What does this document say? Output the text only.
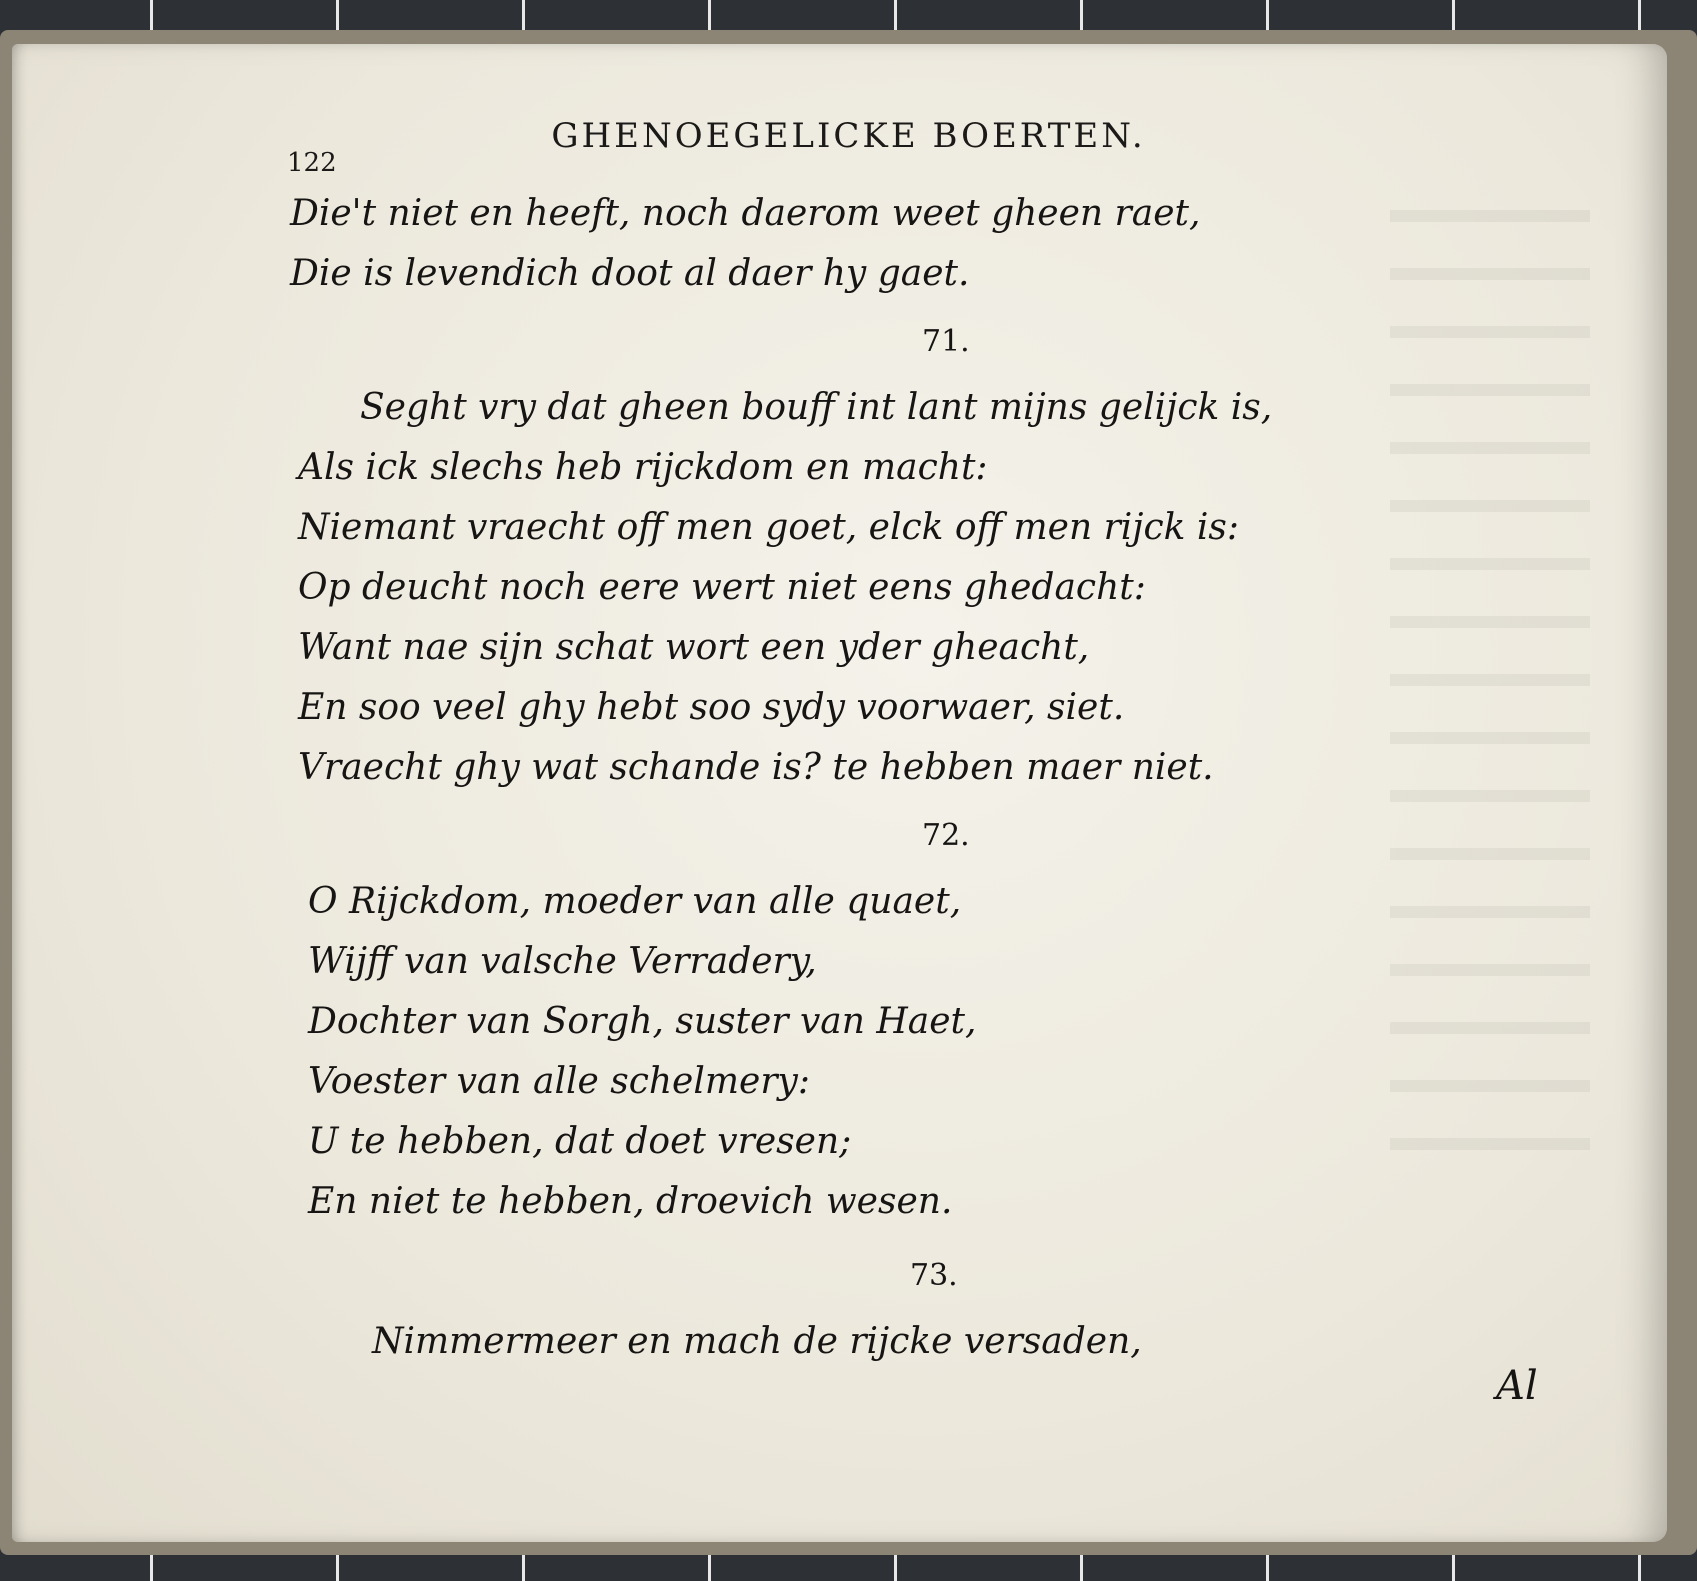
122
GHENOEGELICKE BOERTEN.
Die't niet en heeft, noch daerom weet gheen raet,
Die is levendich doot al daer hy gaet.
71.
Seght vry dat gheen bouff int lant mijns gelijck is,
Als ick slechs heb rijckdom en macht:
Niemant vraecht off men goet, elck off men rijck is:
Op deucht noch eere wert niet eens ghedacht:
Want nae sijn schat wort een yder gheacht,
En soo veel ghy hebt soo sydy voorwaer, siet.
Vraecht ghy wat schande is? te hebben maer niet.
72.
O Rijckdom, moeder van alle quaet,
Wijff van valsche Verradery,
Dochter van Sorgh, suster van Haet,
Voester van alle schelmery:
U te hebben, dat doet vresen;
En niet te hebben, droevich wesen.
73.
Nimmermeer en mach de rijcke versaden,
Al
